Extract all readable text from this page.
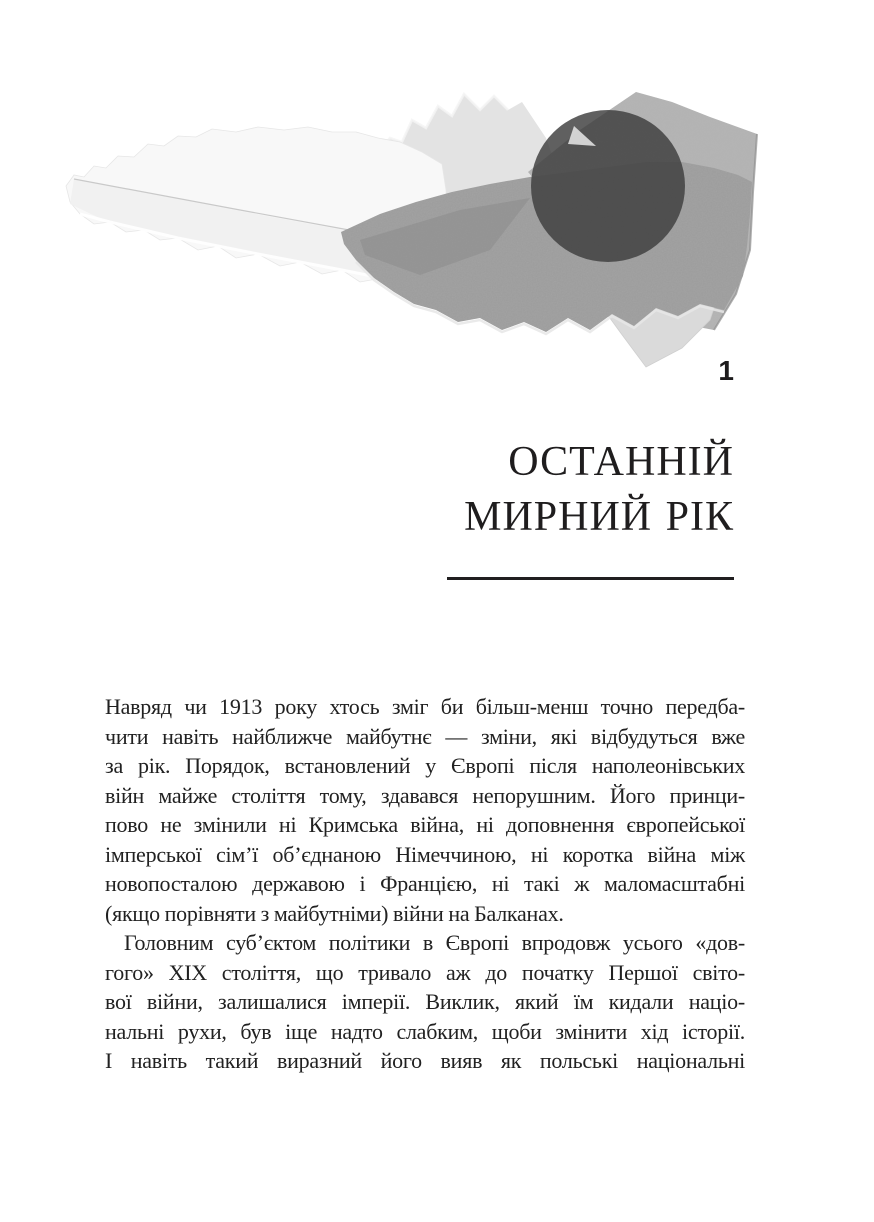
1
ОСТАННІЙ
МИРНИЙ РІК
Навряд чи 1913 року хтось зміг би більш-менш точно передба-
чити навіть найближче майбутнє — зміни, які відбудуться вже
за рік. Порядок, встановлений у Європі після наполеонівських
війн майже століття тому, здавався непорушним. Його принци-
пово не змінили ні Кримська війна, ні доповнення європейської
імперської сім’ї об’єднаною Німеччиною, ні коротка війна між
новопосталою державою і Францією, ні такі ж маломасштабні
(якщо порівняти з майбутніми) війни на Балканах.
Головним суб’єктом політики в Європі впродовж усього «дов-
гого» ХІХ століття, що тривало аж до початку Першої світо-
вої війни, залишалися імперії. Виклик, який їм кидали націо-
нальні рухи, був іще надто слабким, щоби змінити хід історії.
І навіть такий виразний його вияв як польські національні
